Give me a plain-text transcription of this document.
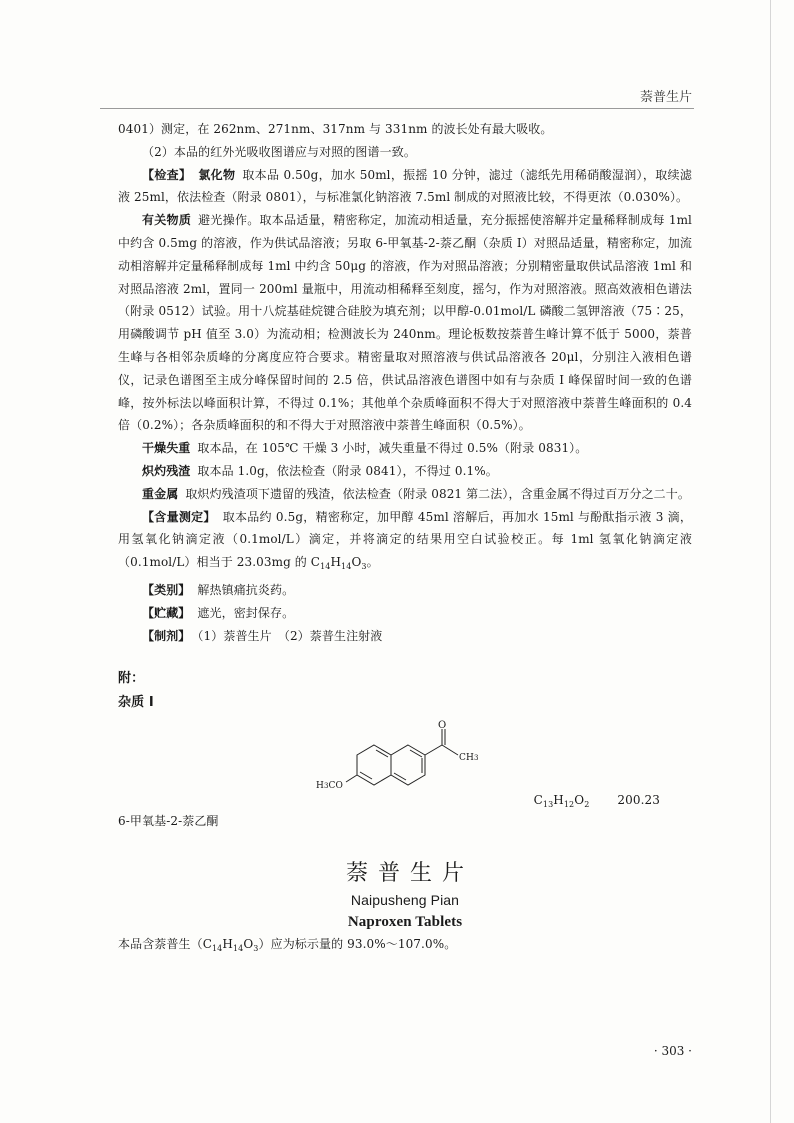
萘普生片

0401）测定，在 262nm、271nm、317nm 与 331nm 的波长处有最大吸收。

（2）本品的红外光吸收图谱应与对照的图谱一致。

【检查】 氯化物 取本品 0.50g，加水 50ml，振摇 10 分钟，滤过（滤纸先用稀硝酸湿润），取续滤液 25ml，依法检查（附录 0801），与标准氯化钠溶液 7.5ml 制成的对照液比较，不得更浓（0.030%）。

有关物质 避光操作。取本品适量，精密称定，加流动相适量，充分振摇使溶解并定量稀释制成每 1ml 中约含 0.5mg 的溶液，作为供试品溶液；另取 6-甲氧基-2-萘乙酮（杂质 I）对照品适量，精密称定，加流动相溶解并定量稀释制成每 1ml 中约含 50μg 的溶液，作为对照品溶液；分别精密量取供试品溶液 1ml 和对照品溶液 2ml，置同一 200ml 量瓶中，用流动相稀释至刻度，摇匀，作为对照溶液。照高效液相色谱法（附录 0512）试验。用十八烷基硅烷键合硅胶为填充剂；以甲醇-0.01mol/L 磷酸二氢钾溶液（75∶25，用磷酸调节 pH 值至 3.0）为流动相；检测波长为 240nm。理论板数按萘普生峰计算不低于 5000，萘普生峰与各相邻杂质峰的分离度应符合要求。精密量取对照溶液与供试品溶液各 20μl，分别注入液相色谱仪，记录色谱图至主成分峰保留时间的 2.5 倍，供试品溶液色谱图中如有与杂质 I 峰保留时间一致的色谱峰，按外标法以峰面积计算，不得过 0.1%；其他单个杂质峰面积不得大于对照溶液中萘普生峰面积的 0.4 倍（0.2%）；各杂质峰面积的和不得大于对照溶液中萘普生峰面积（0.5%）。

干燥失重 取本品，在 105℃ 干燥 3 小时，减失重量不得过 0.5%（附录 0831）。

炽灼残渣 取本品 1.0g，依法检查（附录 0841），不得过 0.1%。

重金属 取炽灼残渣项下遗留的残渣，依法检查（附录 0821 第二法），含重金属不得过百万分之二十。

【含量测定】 取本品约 0.5g，精密称定，加甲醇 45ml 溶解后，再加水 15ml 与酚酞指示液 3 滴，用氢氧化钠滴定液（0.1mol/L）滴定，并将滴定的结果用空白试验校正。每 1ml 氢氧化钠滴定液（0.1mol/L）相当于 23.03mg 的 $C_{14}H_{14}O_3$。

【类别】 解热镇痛抗炎药。

【贮藏】 遮光，密封保存。

【制剂】 （1）萘普生片　（2）萘普生注射液

附：
杂质 I
O
CH3
H3CO
$C_{13}H_{12}O_2$ 200.23

6-甲氧基-2-萘乙酮

萘普生片
Naipusheng Pian
Naproxen Tablets

本品含萘普生$(C_{14}H_{14}O_3)$应为标示量的 93.0%～107.0%。

· 303 ·
